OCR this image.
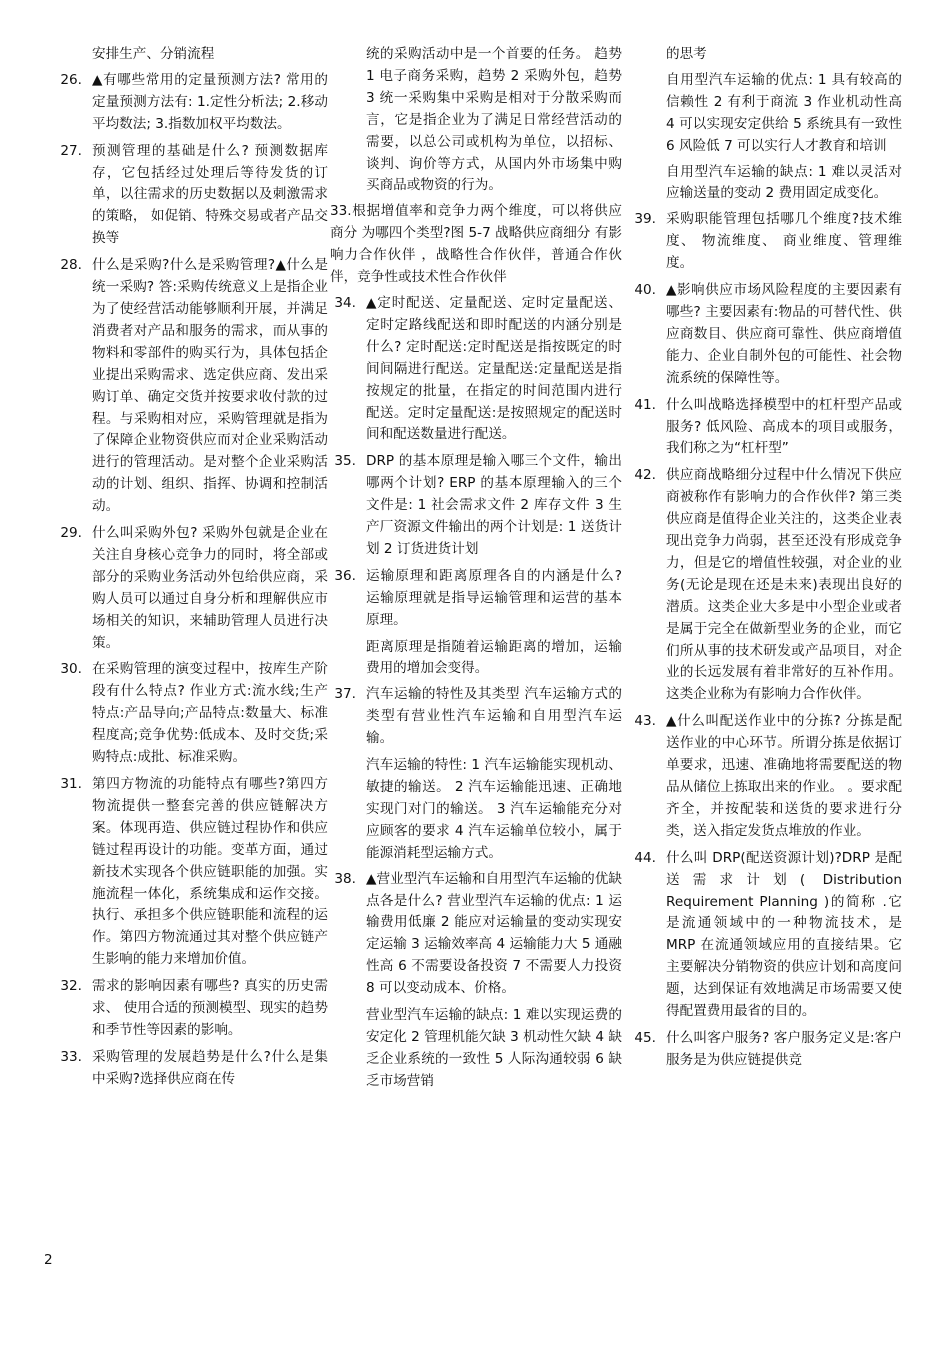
安排生产、分销流程
26. ▲有哪些常用的定量预测方法? 常用的定量预测方法有: 1.定性分析法; 2.移动平均数法; 3.指数加权平均数法。
27. 预测管理的基础是什么? 预测数据库存，它包括经过处理后等待发货的订单，以往需求的历史数据以及刺激需求的策略， 如促销、特殊交易或者产品交换等
28. 什么是采购?什么是采购管理?▲什么是统一采购? 答:采购传统意义上是指企业为了使经营活动能够顺利开展，并满足消费者对产品和服务的需求，而从事的物料和零部件的购买行为，具体包括企业提出采购需求、选定供应商、发出采购订单、确定交货并按要求收付款的过程。与采购相对应，采购管理就是指为了保障企业物资供应而对企业采购活动进行的管理活动。是对整个企业采购活动的计划、组织、指挥、协调和控制活动。
29. 什么叫采购外包? 采购外包就是企业在关注自身核心竞争力的同时，将全部或部分的采购业务活动外包给供应商，采购人员可以通过自身分析和理解供应市场相关的知识，来辅助管理人员进行决策。
30. 在采购管理的演变过程中，按库生产阶段有什么特点? 作业方式:流水线;生产特点:产品导向;产品特点:数量大、标准程度高;竞争优势:低成本、及时交货;采购特点:成批、标准采购。
31. 第四方物流的功能特点有哪些?第四方物流提供一整套完善的供应链解决方案。体现再造、供应链过程协作和供应链过程再设计的功能。变革方面，通过新技术实现各个供应链职能的加强。实施流程一体化，系统集成和运作交接。执行、承担多个供应链职能和流程的运作。第四方物流通过其对整个供应链产生影响的能力来增加价值。
32. 需求的影响因素有哪些? 真实的历史需求、 使用合适的预测模型、现实的趋势和季节性等因素的影响。
33. 采购管理的发展趋势是什么?什么是集中采购?选择供应商在传
统的采购活动中是一个首要的任务。 趋势 1 电子商务采购，趋势 2 采购外包，趋势 3 统一采购集中采购是相对于分散采购而言，它是指企业为了满足日常经营活动的需要，以总公司或机构为单位，以招标、谈判、询价等方式，从国内外市场集中购买商品或物资的行为。
33.根据增值率和竞争力两个维度，可以将供应商分 为哪四个类型?图 5-7 战略供应商细分 有影响力合作伙伴 ，战略性合作伙伴，普通合作伙伴，竞争性或技术性合作伙伴
34. ▲定时配送、定量配送、定时定量配送、 定时定路线配送和即时配送的内涵分别是什么? 定时配送:定时配送是指按既定的时间间隔进行配送。定量配送:定量配送是指按规定的批量，在指定的时间范围内进行配送。定时定量配送:是按照规定的配送时间和配送数量进行配送。
35. DRP 的基本原理是输入哪三个文件，输出哪两个计划? ERP 的基本原理输入的三个文件是: 1 社会需求文件 2 库存文件 3 生产厂资源文件输出的两个计划是: 1 送货计划 2 订货进货计划
36. 运输原理和距离原理各自的内涵是什么? 运输原理就是指导运输管理和运营的基本原理。
距离原理是指随着运输距离的增加，运输费用的增加会变得。
37. 汽车运输的特性及其类型 汽车运输方式的类型有营业性汽车运输和自用型汽车运输。
汽车运输的特性: 1 汽车运输能实现机动、敏捷的输送。 2 汽车运输能迅速、正确地实现门对门的输送。 3 汽车运输能充分对应顾客的要求 4 汽车运输单位较小，属于能源消耗型运输方式。
38. ▲营业型汽车运输和自用型汽车运输的优缺点各是什么? 营业型汽车运输的优点: 1 运输费用低廉 2 能应对运输量的变动实现安定运输 3 运输效率高 4 运输能力大 5 通融性高 6 不需要设备投资 7 不需要人力投资 8 可以变动成本、价格。
营业型汽车运输的缺点: 1 难以实现运费的安定化 2 管理机能欠缺 3 机动性欠缺 4 缺乏企业系统的一致性 5 人际沟通较弱 6 缺乏市场营销
的思考
自用型汽车运输的优点: 1 具有较高的信赖性 2 有利于商流 3 作业机动性高 4 可以实现安定供给 5 系统具有一致性 6 风险低 7 可以实行人才教育和培训
自用型汽车运输的缺点: 1 难以灵活对应输送量的变动 2 费用固定成变化。
39. 采购职能管理包括哪几个维度?技术维度、 物流维度、 商业维度、管理维度。
40. ▲影响供应市场风险程度的主要因素有哪些? 主要因素有:物品的可替代性、供应商数目、供应商可靠性、供应商增值能力、企业自制外包的可能性、社会物流系统的保障性等。
41. 什么叫战略选择模型中的杠杆型产品或服务? 低风险、高成本的项目或服务，我们称之为“杠杆型”
42. 供应商战略细分过程中什么情况下供应商被称作有影响力的合作伙伴? 第三类供应商是值得企业关注的，这类企业表现出竞争力尚弱，甚至还没有形成竞争力，但是它的增值性较强，对企业的业务(无论是现在还是未来)表现出良好的潜质。这类企业大多是中小型企业或者是属于完全在做新型业务的企业，而它们所从事的技术研发或产品项目，对企业的长远发展有着非常好的互补作用。这类企业称为有影响力合作伙伴。
43. ▲什么叫配送作业中的分拣? 分拣是配送作业的中心环节。所谓分拣是依据订单要求，迅速、准确地将需要配送的物品从储位上拣取出来的作业。 。要求配齐全，并按配装和送货的要求进行分类，送入指定发货点堆放的作业。
44. 什么叫 DRP(配送资源计划)?DRP 是配送需求计划( Distribution Requirement Planning )的简称 .它是流通领域中的一种物流技术，是 MRP 在流通领域应用的直接结果。它主要解决分销物资的供应计划和高度问题，达到保证有效地满足市场需要又使得配置费用最省的目的。
45. 什么叫客户服务? 客户服务定义是:客户服务是为供应链提供竞
2
